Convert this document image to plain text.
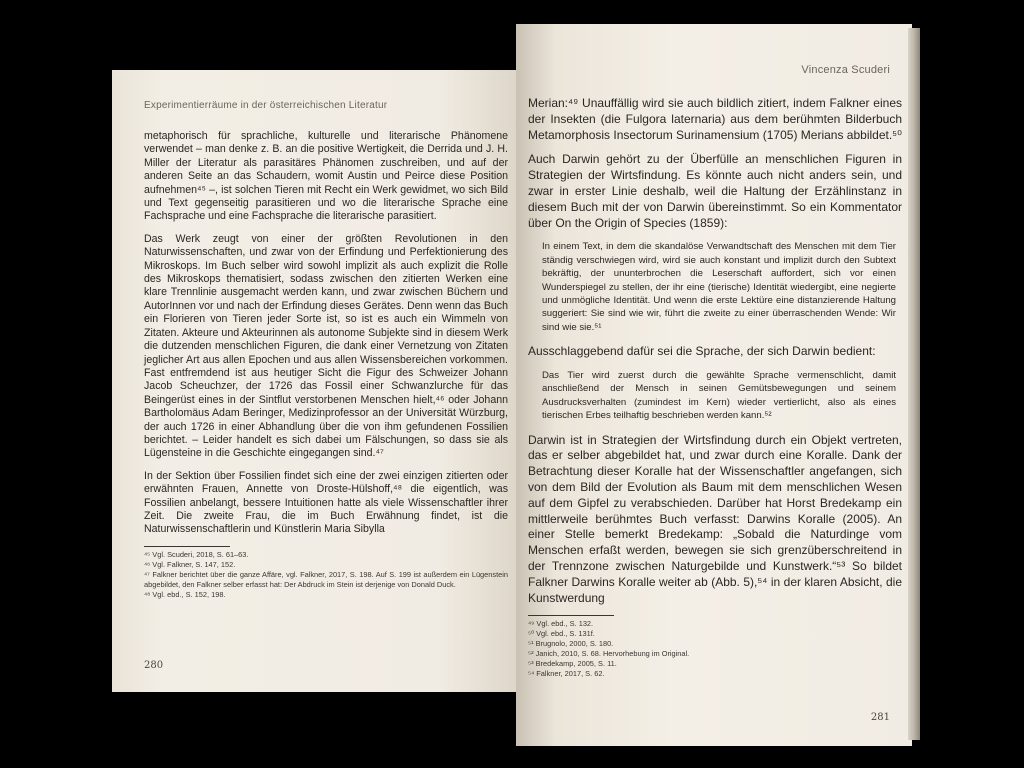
Experimentierräume in der österreichischen Literatur

metaphorisch für sprachliche, kulturelle und literarische Phänomene verwendet – man denke z. B. an die positive Wertigkeit, die Derrida und J. H. Miller der Literatur als parasitäres Phänomen zuschreiben, und auf der anderen Seite an das Schaudern, womit Austin und Peirce diese Position aufnehmen⁴⁵ –, ist solchen Tieren mit Recht ein Werk gewidmet, wo sich Bild und Text gegenseitig parasitieren und wo die literarische Sprache eine Fachsprache und eine Fachsprache die literarische parasitiert.

Das Werk zeugt von einer der größten Revolutionen in den Naturwissenschaften, und zwar von der Erfindung und Perfektionierung des Mikroskops. Im Buch selber wird sowohl implizit als auch explizit die Rolle des Mikroskops thematisiert, sodass zwischen den zitierten Werken eine klare Trennlinie ausgemacht werden kann, und zwar zwischen Büchern und AutorInnen vor und nach der Erfindung dieses Gerätes. Denn wenn das Buch ein Florieren von Tieren jeder Sorte ist, so ist es auch ein Wimmeln von Zitaten. Akteure und Akteurinnen als autonome Subjekte sind in diesem Werk die dutzenden menschlichen Figuren, die dank einer Vernetzung von Zitaten jeglicher Art aus allen Epochen und aus allen Wissensbereichen vorkommen. Fast entfremdend ist aus heutiger Sicht die Figur des Schweizer Johann Jacob Scheuchzer, der 1726 das Fossil einer Schwanzlurche für das Beingerüst eines in der Sintflut verstorbenen Menschen hielt,⁴⁶ oder Johann Bartholomäus Adam Beringer, Medizinprofessor an der Universität Würzburg, der auch 1726 in einer Abhandlung über die von ihm gefundenen Fossilien berichtet. – Leider handelt es sich dabei um Fälschungen, so dass sie als Lügensteine in die Geschichte eingegangen sind.⁴⁷

In der Sektion über Fossilien findet sich eine der zwei einzigen zitierten oder erwähnten Frauen, Annette von Droste-Hülshoff,⁴⁸ die eigentlich, was Fossilien anbelangt, bessere Intuitionen hatte als viele Wissenschaftler ihrer Zeit. Die zweite Frau, die im Buch Erwähnung findet, ist die Naturwissenschaftlerin und Künstlerin Maria Sibylla

⁴⁵ Vgl. Scuderi, 2018, S. 61–63.
⁴⁶ Vgl. Falkner, S. 147, 152.
⁴⁷ Falkner berichtet über die ganze Affäre, vgl. Falkner, 2017, S. 198. Auf S. 199 ist außerdem ein Lügenstein abgebildet, den Falkner selber erfasst hat: Der Abdruck im Stein ist derjenige von Donald Duck.
⁴⁸ Vgl. ebd., S. 152, 198.
280
Vincenza Scuderi

Merian:⁴⁹ Unauffällig wird sie auch bildlich zitiert, indem Falkner eines der Insekten (die Fulgora laternaria) aus dem berühmten Bilderbuch Metamorphosis Insectorum Surinamensium (1705) Merians abbildet.⁵⁰

Auch Darwin gehört zu der Überfülle an menschlichen Figuren in Strategien der Wirtsfindung. Es könnte auch nicht anders sein, und zwar in erster Linie deshalb, weil die Haltung der Erzählinstanz in diesem Buch mit der von Darwin übereinstimmt. So ein Kommentator über On the Origin of Species (1859):

In einem Text, in dem die skandalöse Verwandtschaft des Menschen mit dem Tier ständig verschwiegen wird, wird sie auch konstant und implizit durch den Subtext bekräftig, der ununterbrochen die Leserschaft auffordert, sich vor einen Wunderspiegel zu stellen, der ihr eine (tierische) Identität wiedergibt, eine negierte und unmögliche Identität. Und wenn die erste Lektüre eine distanzierende Haltung suggeriert: Sie sind wie wir, führt die zweite zu einer überraschenden Wende: Wir sind wie sie.⁵¹

Ausschlaggebend dafür sei die Sprache, der sich Darwin bedient:

Das Tier wird zuerst durch die gewählte Sprache vermenschlicht, damit anschließend der Mensch in seinen Gemütsbewegungen und seinem Ausdrucksverhalten (zumindest im Kern) wieder vertierlicht, also als eines tierischen Erbes teilhaftig beschrieben werden kann.⁵²

Darwin ist in Strategien der Wirtsfindung durch ein Objekt vertreten, das er selber abgebildet hat, und zwar durch eine Koralle. Dank der Betrachtung dieser Koralle hat der Wissenschaftler angefangen, sich von dem Bild der Evolution als Baum mit dem menschlichen Wesen auf dem Gipfel zu verabschieden. Darüber hat Horst Bredekamp ein mittlerweile berühmtes Buch verfasst: Darwins Koralle (2005). An einer Stelle bemerkt Bredekamp: „Sobald die Naturdinge vom Menschen erfaßt werden, bewegen sie sich grenzüberschreitend in der Trennzone zwischen Naturgebilde und Kunstwerk.“⁵³ So bildet Falkner Darwins Koralle weiter ab (Abb. 5),⁵⁴ in der klaren Absicht, die Kunstwerdung

⁴⁹ Vgl. ebd., S. 132.
⁵⁰ Vgl. ebd., S. 131f.
⁵¹ Brugnolo, 2000, S. 180.
⁵² Janich, 2010, S. 68. Hervorhebung im Original.
⁵³ Bredekamp, 2005, S. 11.
⁵⁴ Falkner, 2017, S. 62.
281
